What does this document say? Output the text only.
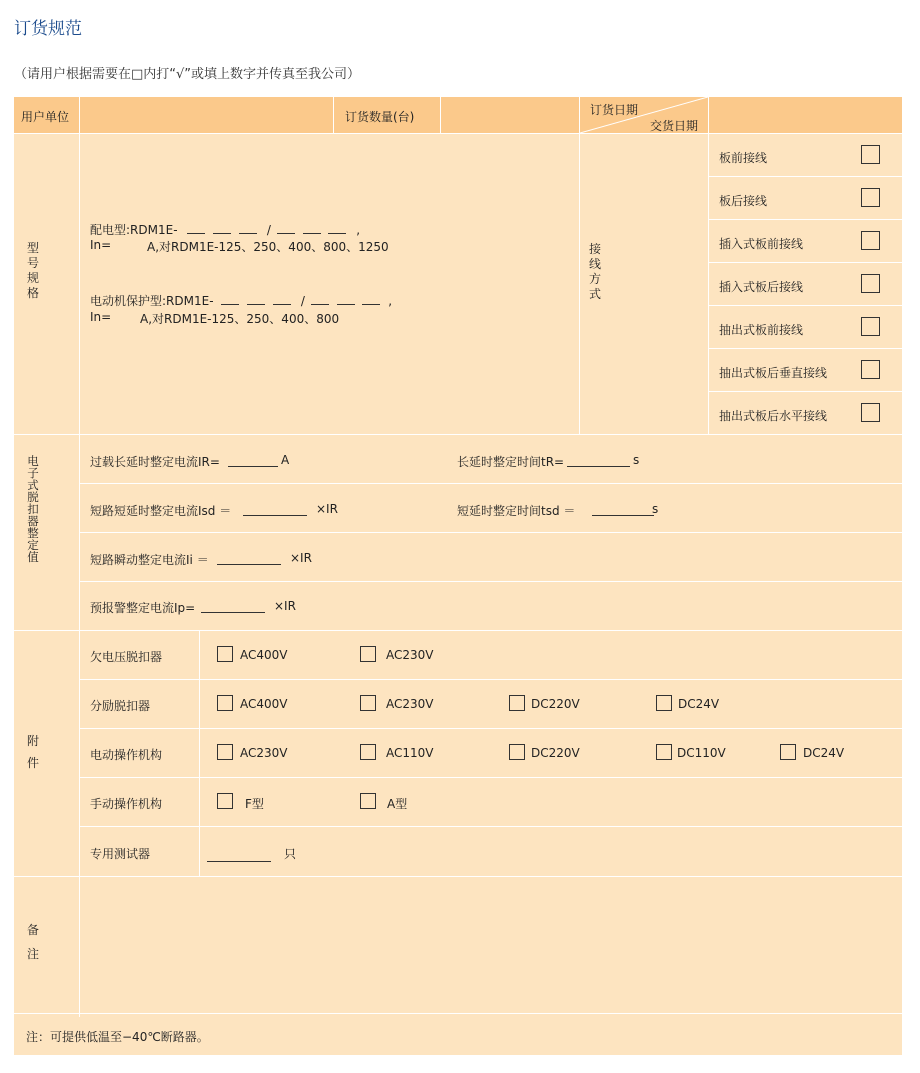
订货规范
（请用户根据需要在□内打“√”或填上数字并传真至我公司）
用户单位	订货数量(台)	订货日期
交货日期
型号规格
配电型:RDM1E-	/	,
In=	A,对RDM1E-125、250、400、800、1250
电动机保护型:RDM1E-	/	,
In= A,对RDM1E-125、250、400、800
接线方式
板前接线
板后接线
插入式板前接线
插入式板后接线
抽出式板前接线
抽出式板后垂直接线
抽出式板后水平接线
电子式脱扣器整定值
过载长延时整定电流IR=	A	长延时整定时间tR=	s
短路短延时整定电流Isd ＝	×IR	短延时整定时间tsd ＝	s
短路瞬动整定电流Ii ＝	×IR
预报警整定电流Ip=	×IR
附件
欠电压脱扣器	AC400V	AC230V
分励脱扣器	AC400V	AC230V	DC220V	DC24V
电动操作机构	AC230V	AC110V	DC220V	DC110V	DC24V
手动操作机构	F型	A型
专用测试器	只
备注
注：可提供低温至−40℃断路器。
